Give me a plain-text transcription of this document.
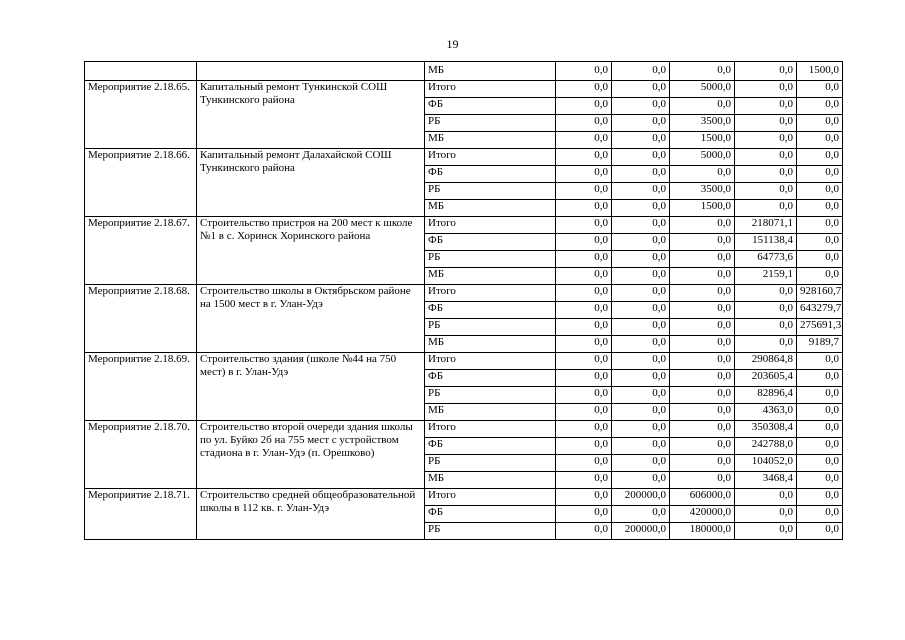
19
		МБ	0,0	0,0	0,0	0,0	1500,0
Мероприятие 2.18.65.	Капитальный ремонт Тункинской СОШ Тункинского района	Итого	0,0	0,0	5000,0	0,0	0,0
		ФБ	0,0	0,0	0,0	0,0	0,0
		РБ	0,0	0,0	3500,0	0,0	0,0
		МБ	0,0	0,0	1500,0	0,0	0,0
Мероприятие 2.18.66.	Капитальный ремонт Далахайской СОШ Тункинского района	Итого	0,0	0,0	5000,0	0,0	0,0
		ФБ	0,0	0,0	0,0	0,0	0,0
		РБ	0,0	0,0	3500,0	0,0	0,0
		МБ	0,0	0,0	1500,0	0,0	0,0
Мероприятие 2.18.67.	Строительство пристроя на 200 мест к школе №1 в с. Хоринск Хоринского района	Итого	0,0	0,0	0,0	218071,1	0,0
		ФБ	0,0	0,0	0,0	151138,4	0,0
		РБ	0,0	0,0	0,0	64773,6	0,0
		МБ	0,0	0,0	0,0	2159,1	0,0
Мероприятие 2.18.68.	Строительство школы в Октябрьском районе на 1500 мест в г. Улан-Удэ	Итого	0,0	0,0	0,0	0,0	928160,7
		ФБ	0,0	0,0	0,0	0,0	643279,7
		РБ	0,0	0,0	0,0	0,0	275691,3
		МБ	0,0	0,0	0,0	0,0	9189,7
Мероприятие 2.18.69.	Строительство здания (школе №44 на 750 мест) в г. Улан-Удэ	Итого	0,0	0,0	0,0	290864,8	0,0
		ФБ	0,0	0,0	0,0	203605,4	0,0
		РБ	0,0	0,0	0,0	82896,4	0,0
		МБ	0,0	0,0	0,0	4363,0	0,0
Мероприятие 2.18.70.	Строительство второй очереди здания школы по ул. Буйко 2б на 755 мест с устройством стадиона в г. Улан-Удэ (п. Орешково)	Итого	0,0	0,0	0,0	350308,4	0,0
		ФБ	0,0	0,0	0,0	242788,0	0,0
		РБ	0,0	0,0	0,0	104052,0	0,0
		МБ	0,0	0,0	0,0	3468,4	0,0
Мероприятие 2.18.71.	Строительство средней общеобразовательной школы в 112 кв. г. Улан-Удэ	Итого	0,0	200000,0	606000,0	0,0	0,0
		ФБ	0,0	0,0	420000,0	0,0	0,0
		РБ	0,0	200000,0	180000,0	0,0	0,0
